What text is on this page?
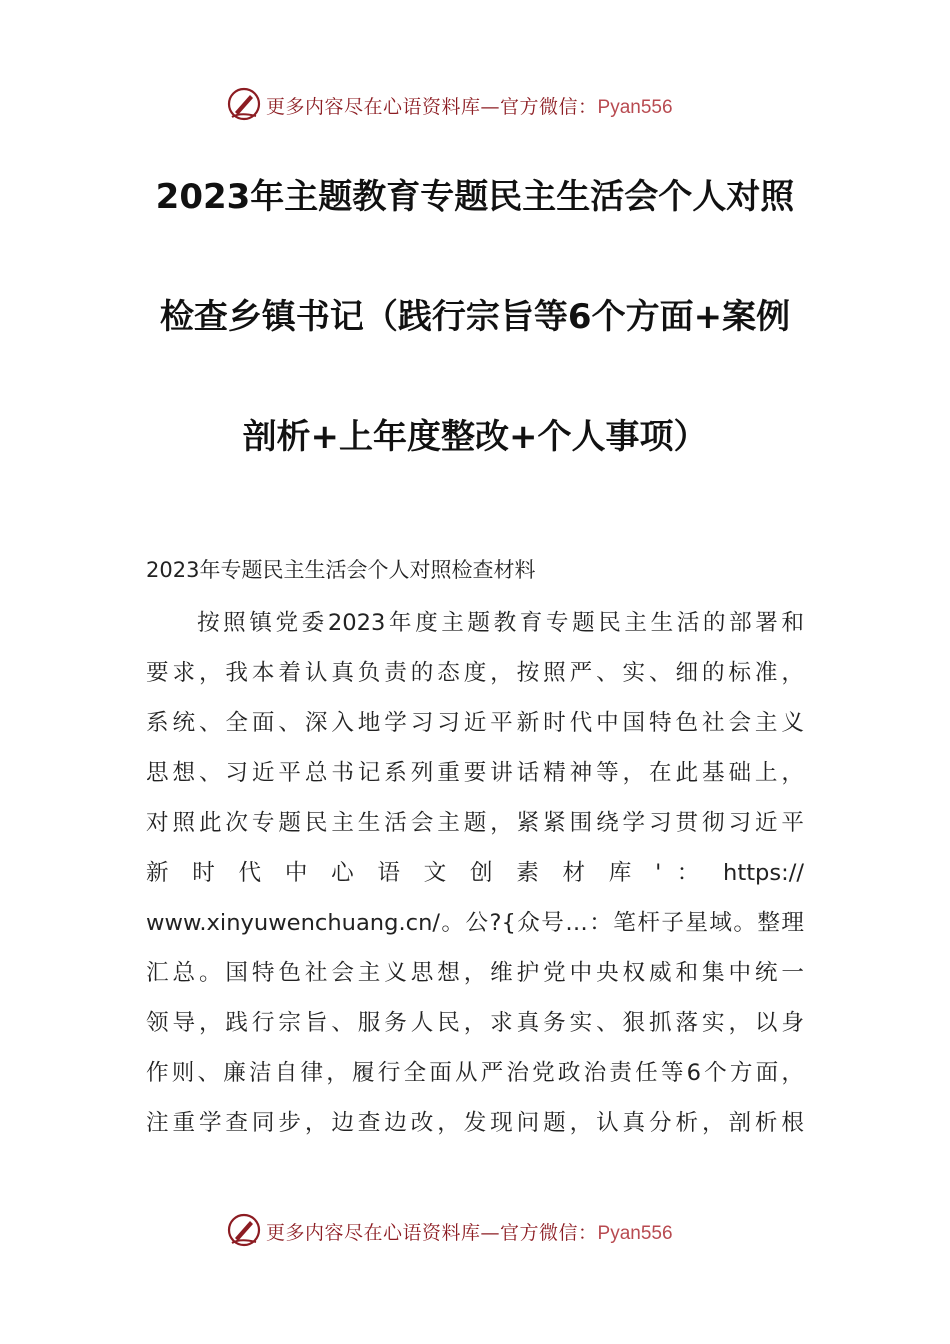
更多内容尽在心语资料库—官方微信：Pyan556
2023年主题教育专题民主生活会个人对照
检查乡镇书记（践行宗旨等6个方面+案例
剖析+上年度整改+个人事项）
2023年专题民主生活会个人对照检查材料
按照镇党委2023年度主题教育专题民主生活的部署和
要求，我本着认真负责的态度，按照严、实、细的标准，
系统、全面、深入地学习习近平新时代中国特色社会主义
思想、习近平总书记系列重要讲话精神等，在此基础上，
对照此次专题民主生活会主题，紧紧围绕学习贯彻习近平
新 时 代 中 心 语 文 创 素 材 库 ' ： https://
www.xinyuwenchuang.cn/。公?{众号…：笔杆子星域。整理
汇总。国特色社会主义思想，维护党中央权威和集中统一
领导，践行宗旨、服务人民，求真务实、狠抓落实，以身
作则、廉洁自律，履行全面从严治党政治责任等6个方面，
注重学查同步，边查边改，发现问题，认真分析，剖析根
更多内容尽在心语资料库—官方微信：Pyan556
